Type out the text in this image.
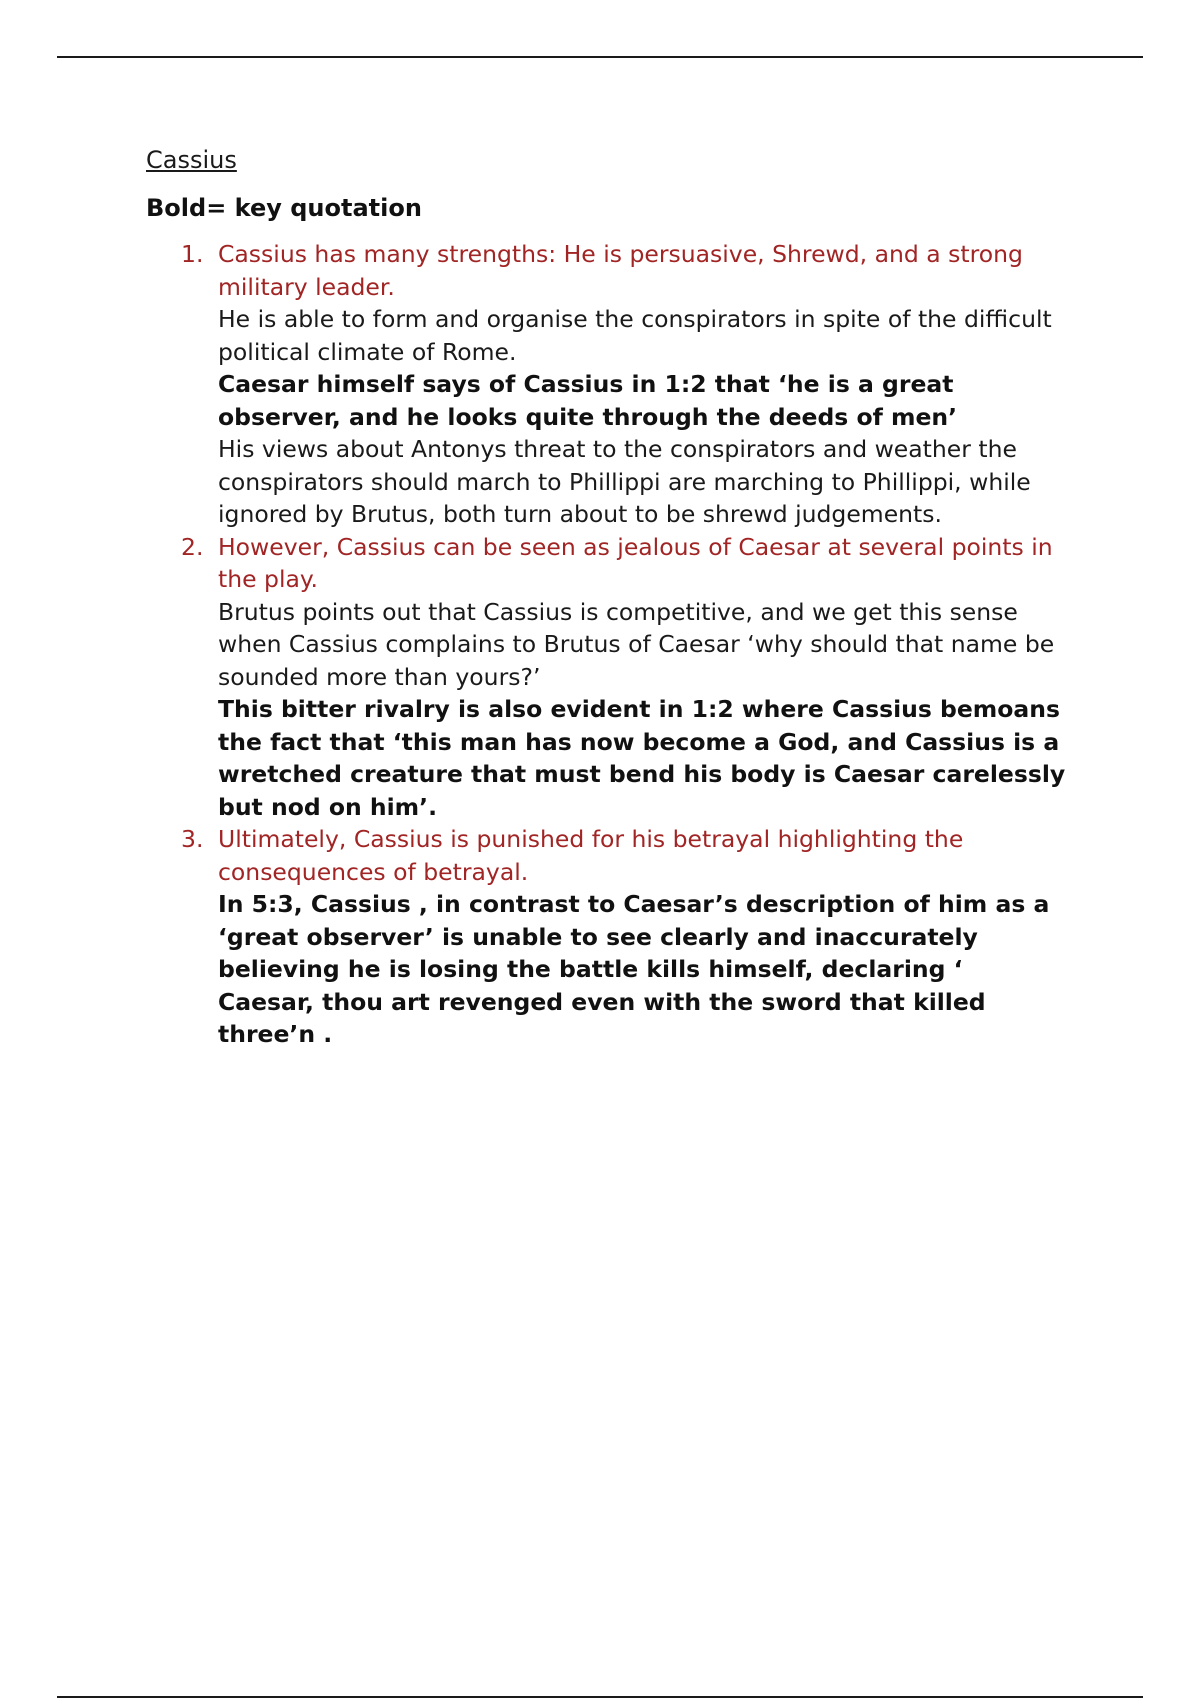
Cassius

Bold= key quotation

1. Cassius has many strengths: He is persuasive, Shrewd, and a strong military leader.
He is able to form and organise the conspirators in spite of the difficult political climate of Rome.
Caesar himself says of Cassius in 1:2 that ‘he is a great observer, and he looks quite through the deeds of men’
His views about Antonys threat to the conspirators and weather the conspirators should march to Phillippi are marching to Phillippi, while ignored by Brutus, both turn about to be shrewd judgements.
2. However, Cassius can be seen as jealous of Caesar at several points in the play.
Brutus points out that Cassius is competitive, and we get this sense when Cassius complains to Brutus of Caesar ‘why should that name be sounded more than yours?’
This bitter rivalry is also evident in 1:2 where Cassius bemoans the fact that ‘this man has now become a God, and Cassius is a wretched creature that must bend his body is Caesar carelessly but nod on him’.
3. Ultimately, Cassius is punished for his betrayal highlighting the consequences of betrayal.
In 5:3, Cassius , in contrast to Caesar’s description of him as a ‘great observer’ is unable to see clearly and inaccurately believing he is losing the battle kills himself, declaring ‘ Caesar, thou art revenged even with the sword that killed three’n .
